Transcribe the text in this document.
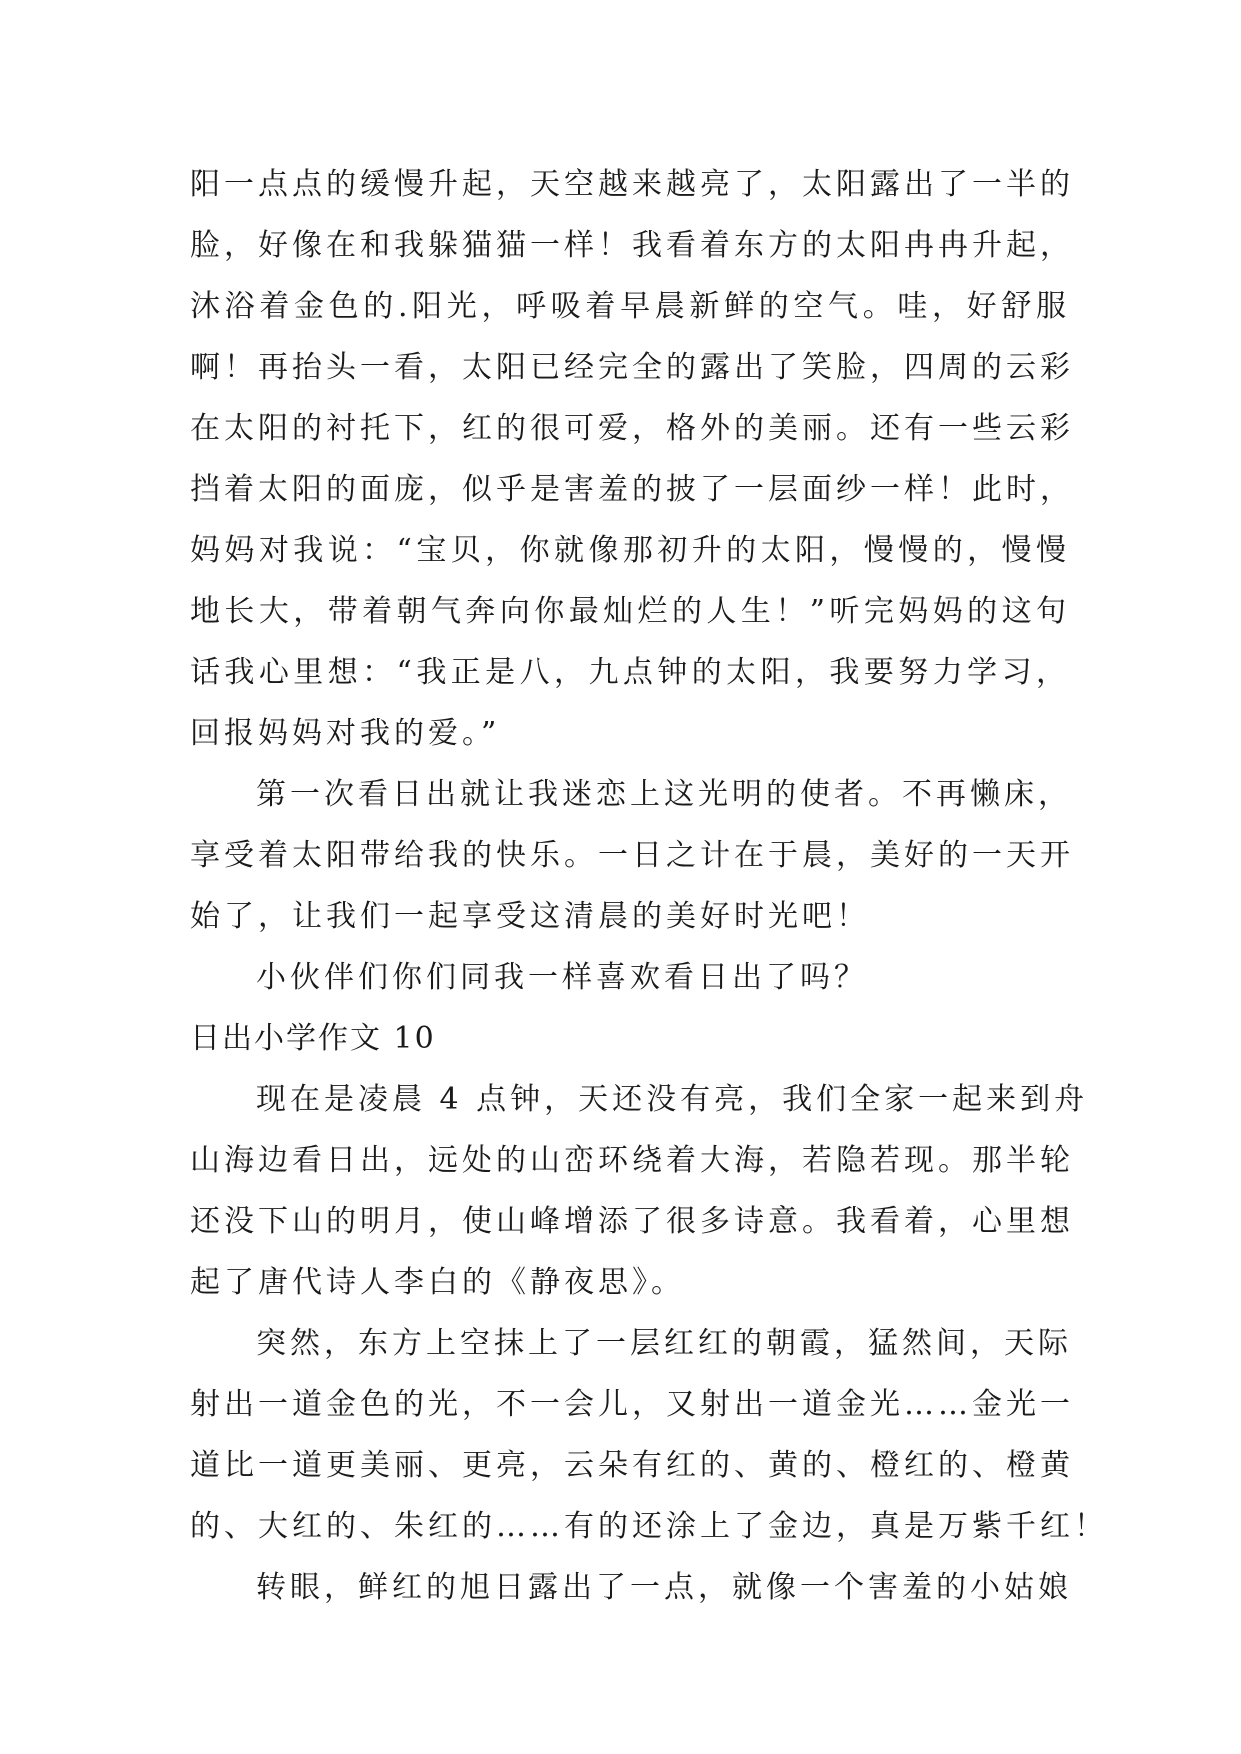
阳一点点的缓慢升起，天空越来越亮了，太阳露出了一半的
脸，好像在和我躲猫猫一样！我看着东方的太阳冉冉升起，
沐浴着金色的.阳光，呼吸着早晨新鲜的空气。哇，好舒服
啊！再抬头一看，太阳已经完全的露出了笑脸，四周的云彩
在太阳的衬托下，红的很可爱，格外的美丽。还有一些云彩
挡着太阳的面庞，似乎是害羞的披了一层面纱一样！此时，
妈妈对我说：“宝贝，你就像那初升的太阳，慢慢的，慢慢
地长大，带着朝气奔向你最灿烂的人生！”听完妈妈的这句
话我心里想：“我正是八，九点钟的太阳，我要努力学习，
回报妈妈对我的爱。”
第一次看日出就让我迷恋上这光明的使者。不再懒床，
享受着太阳带给我的快乐。一日之计在于晨，美好的一天开
始了，让我们一起享受这清晨的美好时光吧！
小伙伴们你们同我一样喜欢看日出了吗？
日出小学作文 10
现在是凌晨 4 点钟，天还没有亮，我们全家一起来到舟
山海边看日出，远处的山峦环绕着大海，若隐若现。那半轮
还没下山的明月，使山峰增添了很多诗意。我看着，心里想
起了唐代诗人李白的《静夜思》。
突然，东方上空抹上了一层红红的朝霞，猛然间，天际
射出一道金色的光，不一会儿，又射出一道金光……金光一
道比一道更美丽、更亮，云朵有红的、黄的、橙红的、橙黄
的、大红的、朱红的……有的还涂上了金边，真是万紫千红！
转眼，鲜红的旭日露出了一点，就像一个害羞的小姑娘
